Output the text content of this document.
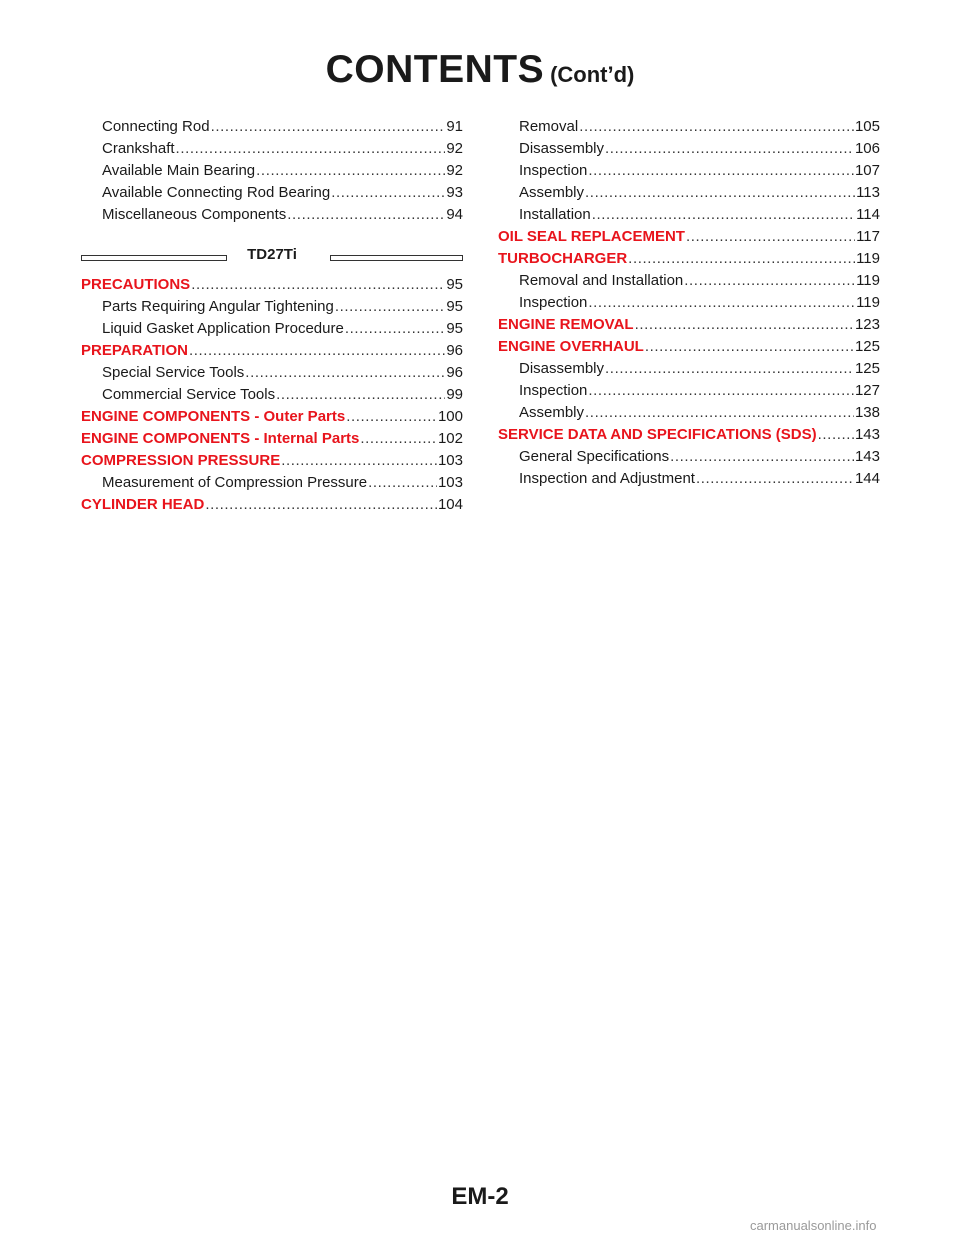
CONTENTS (Cont’d)
Connecting Rod .....	91
Crankshaft .....	92
Available Main Bearing .....	92
Available Connecting Rod Bearing .....	93
Miscellaneous Components .....	94
TD27Ti
PRECAUTIONS .....	95
Parts Requiring Angular Tightening .....	95
Liquid Gasket Application Procedure .....	95
PREPARATION .....	96
Special Service Tools .....	96
Commercial Service Tools .....	99
ENGINE COMPONENTS - Outer Parts .....	100
ENGINE COMPONENTS - Internal Parts .....	102
COMPRESSION PRESSURE .....	103
Measurement of Compression Pressure .....	103
CYLINDER HEAD .....	104
Removal .....	105
Disassembly .....	106
Inspection .....	107
Assembly .....	113
Installation .....	114
OIL SEAL REPLACEMENT .....	117
TURBOCHARGER .....	119
Removal and Installation .....	119
Inspection .....	119
ENGINE REMOVAL .....	123
ENGINE OVERHAUL .....	125
Disassembly .....	125
Inspection .....	127
Assembly .....	138
SERVICE DATA AND SPECIFICATIONS (SDS) .....	143
General Specifications .....	143
Inspection and Adjustment .....	144
EM-2
carmanualsonline.info
